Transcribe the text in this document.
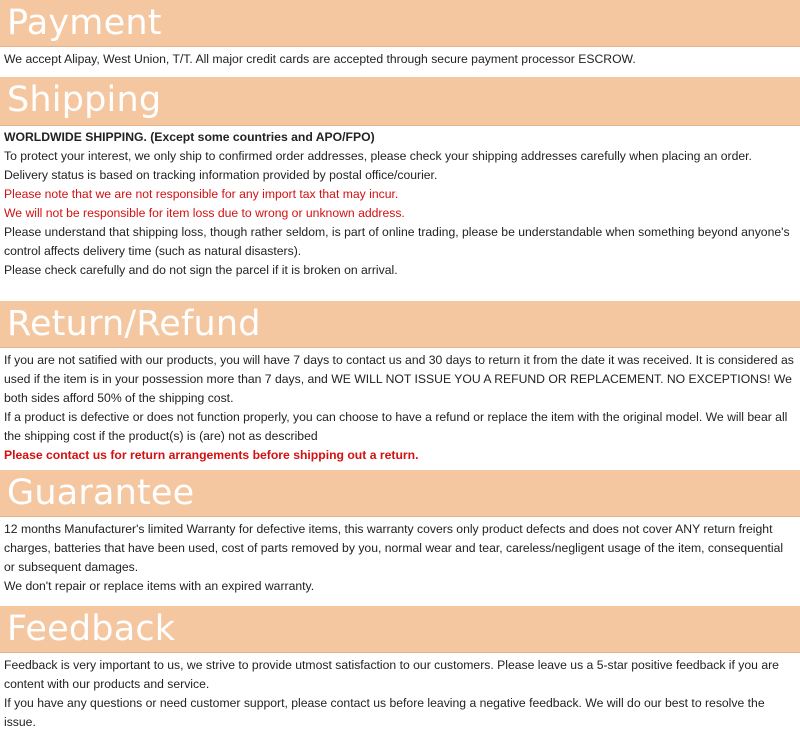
Payment
We accept Alipay, West Union, T/T. All major credit cards are accepted through secure payment processor ESCROW.
Shipping
WORLDWIDE SHIPPING. (Except some countries and APO/FPO)
To protect your interest, we only ship to confirmed order addresses, please check your shipping addresses carefully when placing an order.
Delivery status is based on tracking information provided by postal office/courier.
Please note that we are not responsible for any import tax that may incur.
We will not be responsible for item loss due to wrong or unknown address.
Please understand that shipping loss, though rather seldom, is part of online trading, please be understandable when something beyond anyone's control affects delivery time (such as natural disasters).
Please check carefully and do not sign the parcel if it is broken on arrival.
Return/Refund
If you are not satified with our products, you will have 7 days to contact us and 30 days to return it from the date it was received. It is considered as used if the item is in your possession more than 7 days, and WE WILL NOT ISSUE YOU A REFUND OR REPLACEMENT. NO EXCEPTIONS! We both sides afford 50% of the shipping cost.
If a product is defective or does not function properly, you can choose to have a refund or replace the item with the original model. We will bear all the shipping cost if the product(s) is (are) not as described
Please contact us for return arrangements before shipping out a return.
Guarantee
12 months Manufacturer's limited Warranty for defective items, this warranty covers only product defects and does not cover ANY return freight charges, batteries that have been used, cost of parts removed by you, normal wear and tear, careless/negligent usage of the item, consequential or subsequent damages.
We don't repair or replace items with an expired warranty.
Feedback
Feedback is very important to us, we strive to provide utmost satisfaction to our customers. Please leave us a 5-star positive feedback if you are content with our products and service.
If you have any questions or need customer support, please contact us before leaving a negative feedback. We will do our best to resolve the issue.
